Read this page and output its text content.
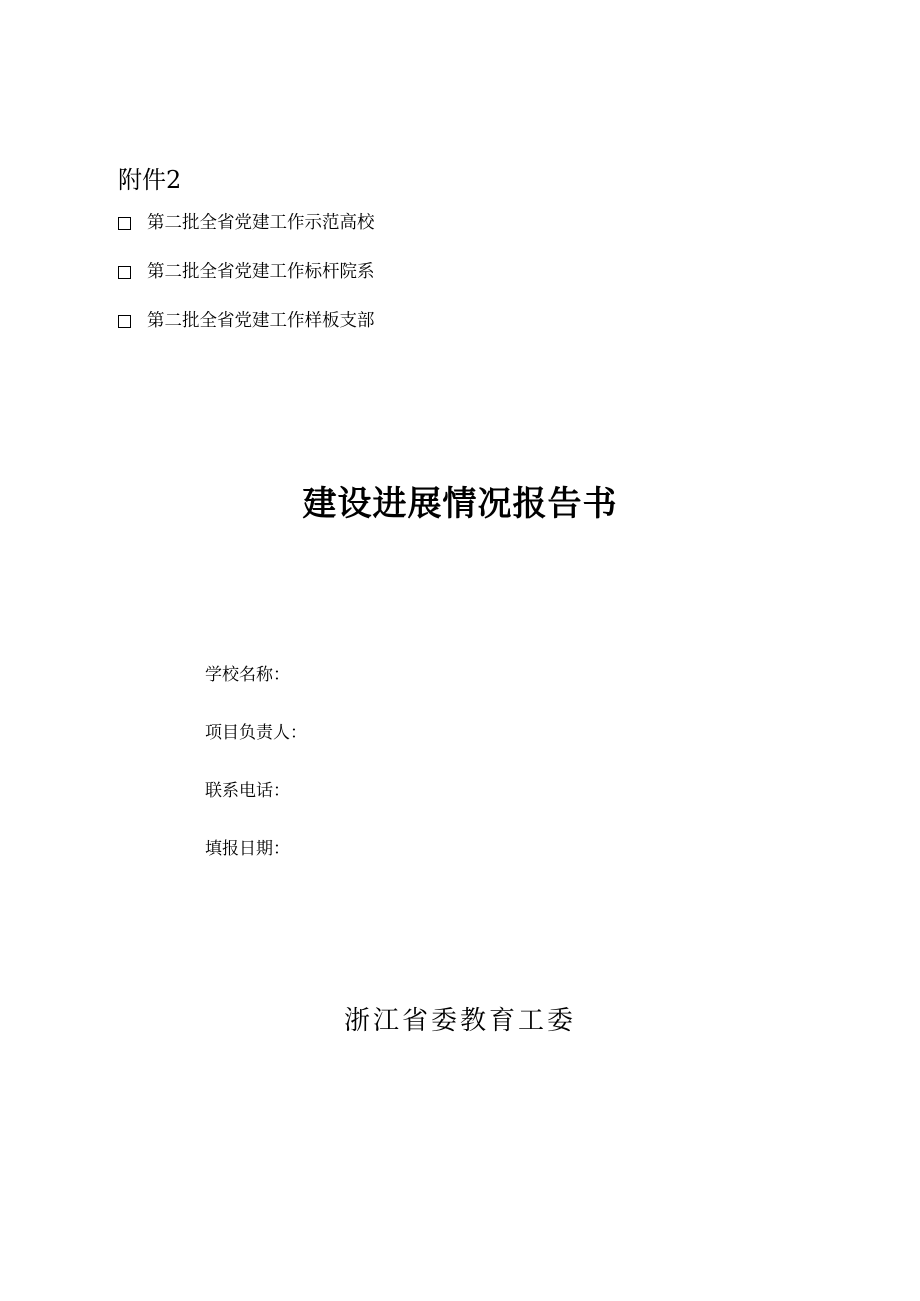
附件2
第二批全省党建工作示范高校
第二批全省党建工作标杆院系
第二批全省党建工作样板支部
建设进展情况报告书
学校名称：
项目负责人：
联系电话：
填报日期：
浙江省委教育工委
